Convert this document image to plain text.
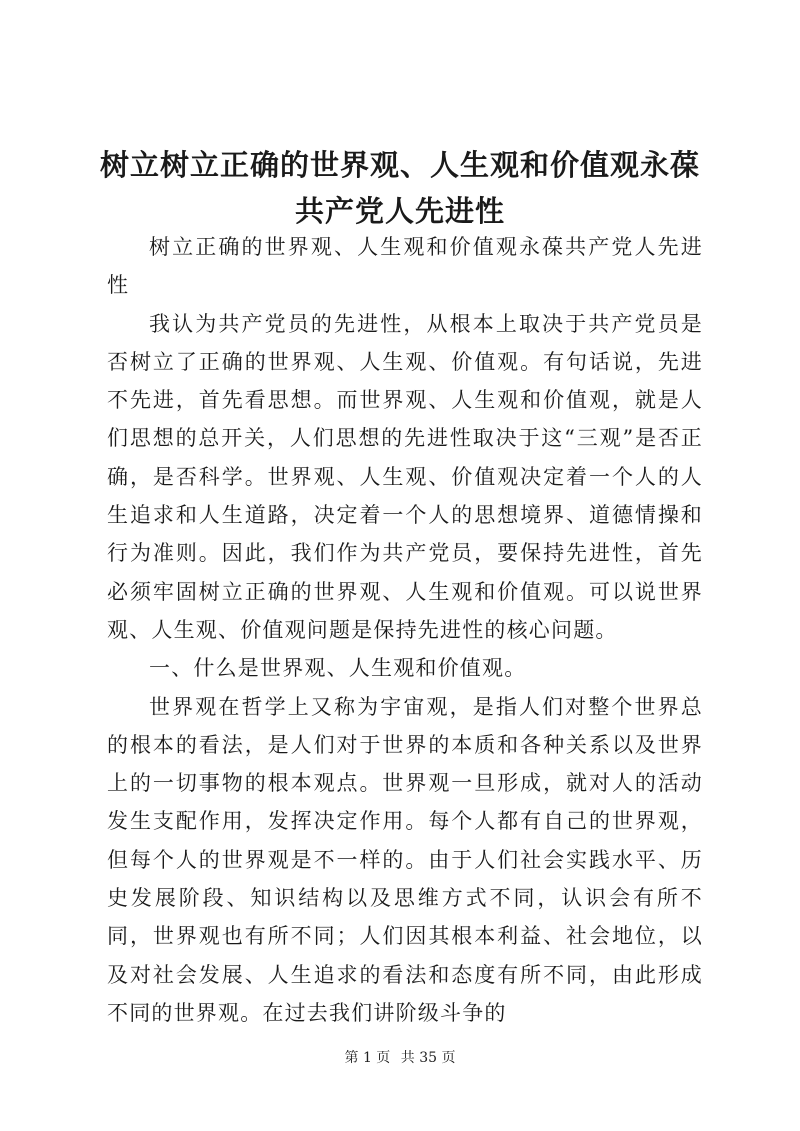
树立树立正确的世界观、人生观和价值观永葆
共产党人先进性

树立正确的世界观、人生观和价值观永葆共产党人先进性

我认为共产党员的先进性，从根本上取决于共产党员是否树立了正确的世界观、人生观、价值观。有句话说，先进不先进，首先看思想。而世界观、人生观和价值观，就是人们思想的总开关，人们思想的先进性取决于这“三观”是否正确，是否科学。世界观、人生观、价值观决定着一个人的人生追求和人生道路，决定着一个人的思想境界、道德情操和行为准则。因此，我们作为共产党员，要保持先进性，首先必须牢固树立正确的世界观、人生观和价值观。可以说世界观、人生观、价值观问题是保持先进性的核心问题。

一、什么是世界观、人生观和价值观。

世界观在哲学上又称为宇宙观，是指人们对整个世界总的根本的看法，是人们对于世界的本质和各种关系以及世界上的一切事物的根本观点。世界观一旦形成，就对人的活动发生支配作用，发挥决定作用。每个人都有自己的世界观，但每个人的世界观是不一样的。由于人们社会实践水平、历史发展阶段、知识结构以及思维方式不同，认识会有所不同，世界观也有所不同；人们因其根本利益、社会地位，以及对社会发展、人生追求的看法和态度有所不同，由此形成不同的世界观。在过去我们讲阶级斗争的

第 1 页 共 35 页
